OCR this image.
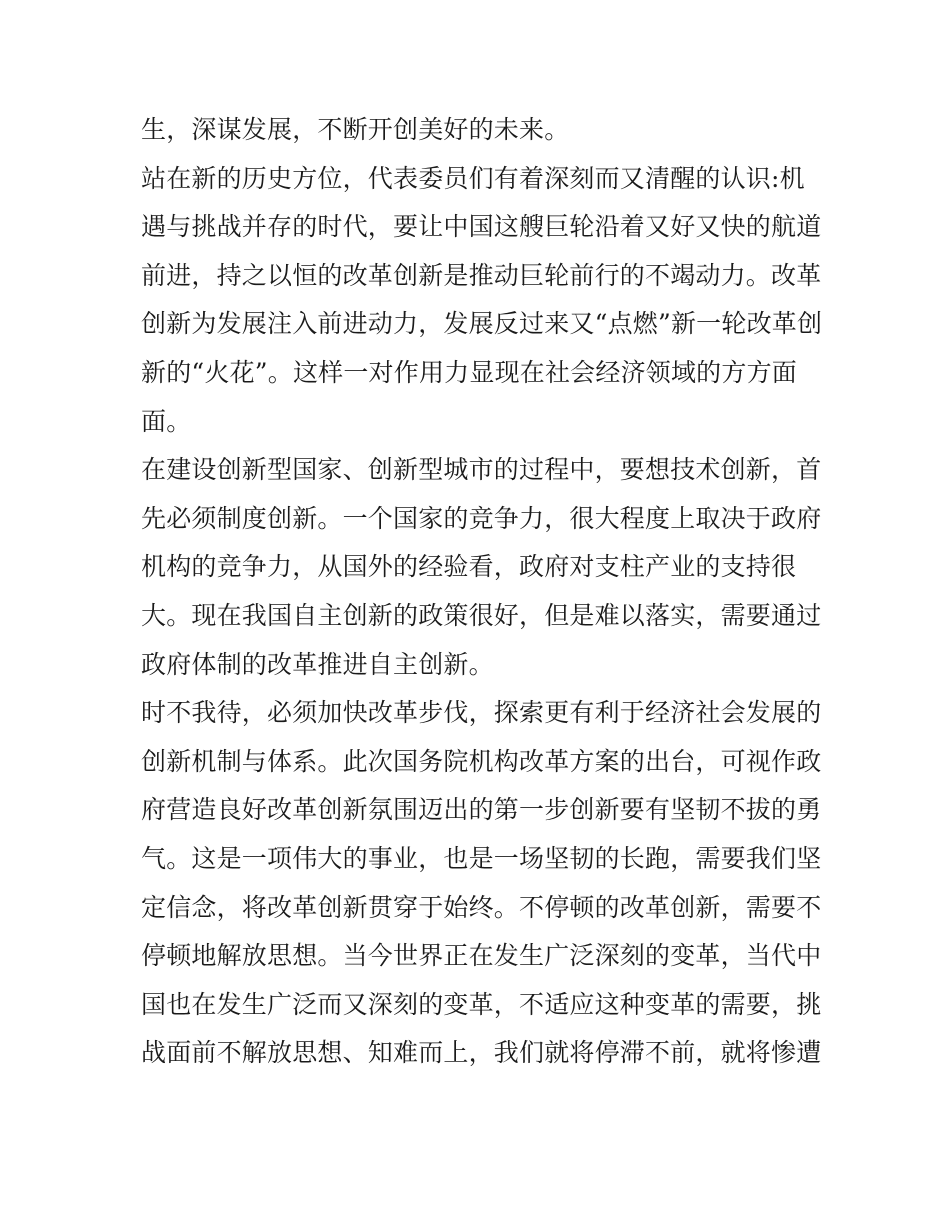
生，深谋发展，不断开创美好的未来。
站在新的历史方位，代表委员们有着深刻而又清醒的认识:机
遇与挑战并存的时代，要让中国这艘巨轮沿着又好又快的航道
前进，持之以恒的改革创新是推动巨轮前行的不竭动力。改革
创新为发展注入前进动力，发展反过来又“点燃”新一轮改革创
新的“火花”。这样一对作用力显现在社会经济领域的方方面
面。
在建设创新型国家、创新型城市的过程中，要想技术创新，首
先必须制度创新。一个国家的竞争力，很大程度上取决于政府
机构的竞争力，从国外的经验看，政府对支柱产业的支持很
大。现在我国自主创新的政策很好，但是难以落实，需要通过
政府体制的改革推进自主创新。
时不我待，必须加快改革步伐，探索更有利于经济社会发展的
创新机制与体系。此次国务院机构改革方案的出台，可视作政
府营造良好改革创新氛围迈出的第一步创新要有坚韧不拔的勇
气。这是一项伟大的事业，也是一场坚韧的长跑，需要我们坚
定信念，将改革创新贯穿于始终。不停顿的改革创新，需要不
停顿地解放思想。当今世界正在发生广泛深刻的变革，当代中
国也在发生广泛而又深刻的变革，不适应这种变革的需要，挑
战面前不解放思想、知难而上，我们就将停滞不前，就将惨遭
